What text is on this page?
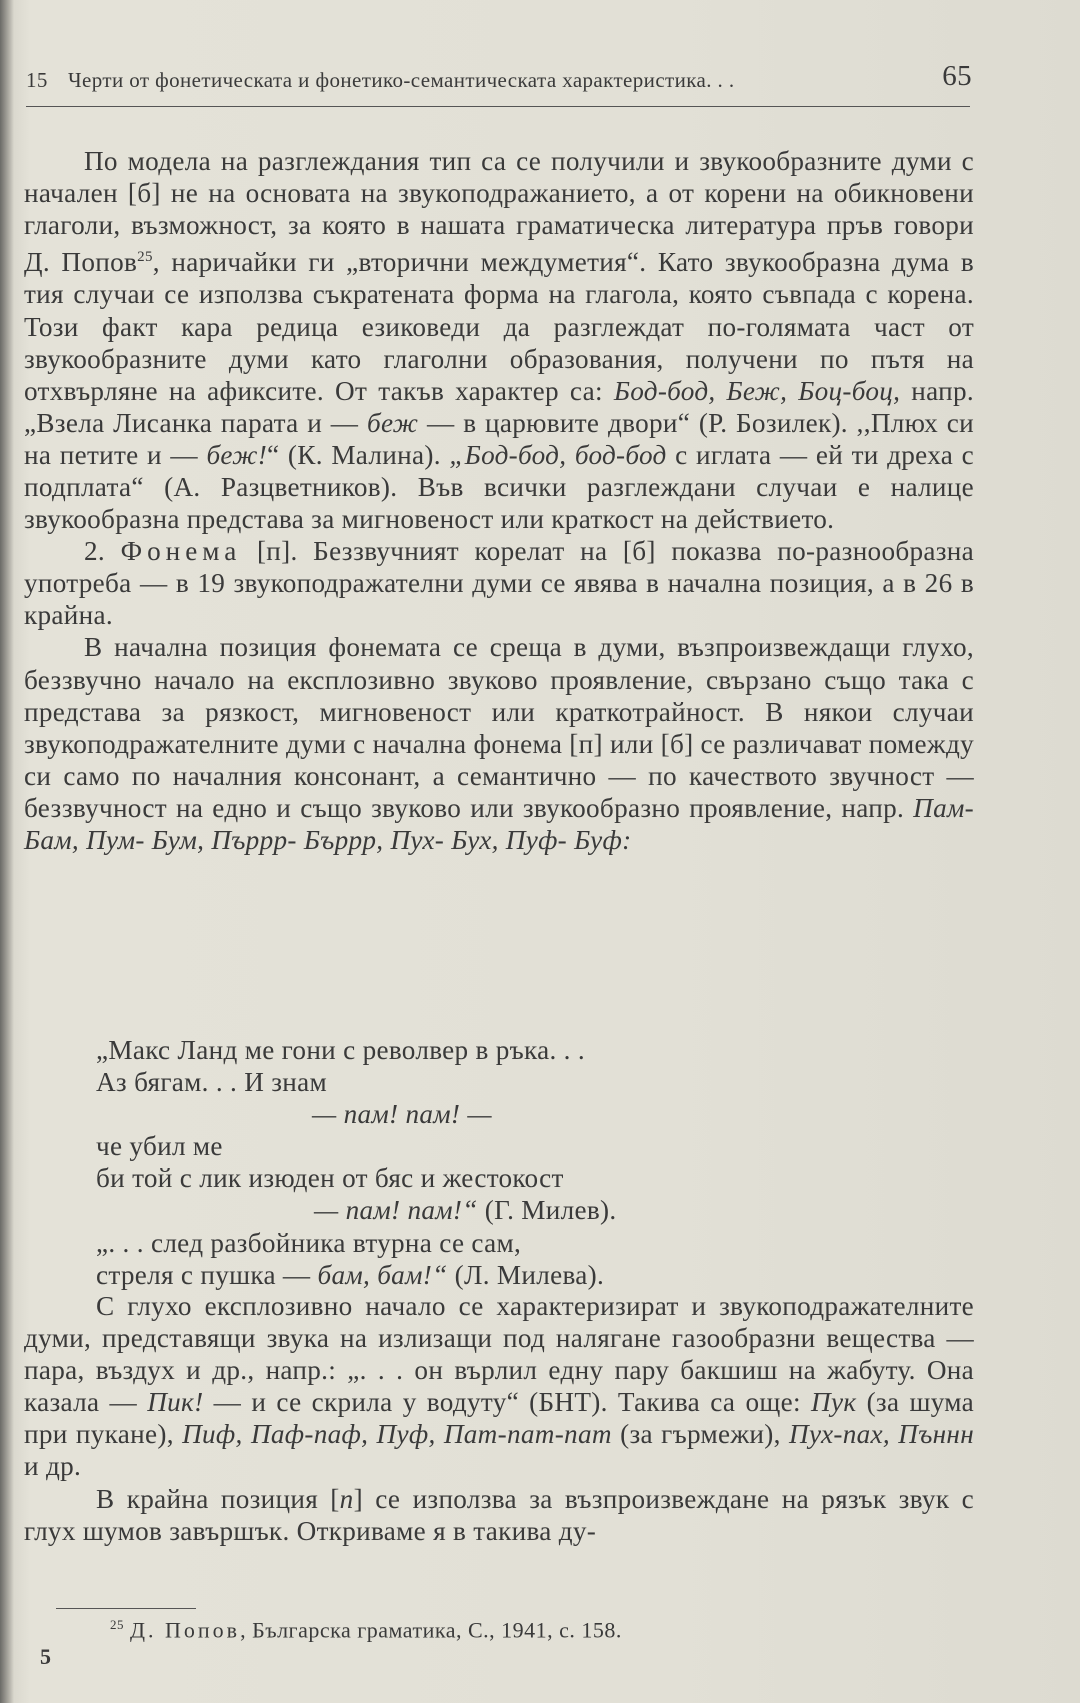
15 Черти от фонетическата и фонетико-семантическата характеристика. . .	65

По модела на разглеждания тип са се получили и звукообразните думи с начален [б] не на основата на звукоподражанието, а от корени на обикновени глаголи, възможност, за която в нашата граматическа литература пръв говори Д. Попов$^{25}$, наричайки ги „вторични междуметия“. Като звукообразна дума в тия случаи се използва съкратената форма на глагола, която съвпада с корена. Този факт кара редица езиковеди да разглеждат по-голямата част от звукообразните думи като глаголни образования, получени по пътя на отхвърляне на афиксите. От такъв характер са: Бод-бод, Беж, Боц-боц, напр. „Взела Лисанка парата и — беж — в царювите двори“ (Р. Бозилек). ,,Плюх си на петите и — беж!“ (К. Малина). „Бод-бод, бод-бод с иглата — ей ти дреха с подплата“ (А. Разцветников). Във всички разглеждани случаи е налице звукообразна представа за мигновеност или краткост на действието.

2. Фонема [п]. Беззвучният корелат на [б] показва по-разнообразна употреба — в 19 звукоподражателни думи се явява в начална позиция, а в 26 в крайна.

В начална позиция фонемата се среща в думи, възпроизвеждащи глухо, беззвучно начало на експлозивно звуково проявление, свързано също така с представа за рязкост, мигновеност или краткотрайност. В някои случаи звукоподражателните думи с начална фонема [п] или [б] се различават помежду си само по началния консонант, а семантично — по качеството звучност — беззвучност на едно и също звуково или звукообразно проявление, напр. Пам- Бам, Пум- Бум, Пъррр- Бъррр, Пух- Бух, Пуф- Буф:

„Макс Ланд ме гони с револвер в ръка. . .
Аз бягам. . . И знам
— пам! пам! —
че убил ме
би той с лик изюден от бяс и жестокост
— пам! пам!“ (Г. Милев).
„. . . след разбойника втурна се сам,
стреля с пушка — бам, бам!“ (Л. Милева).

С глухо експлозивно начало се характеризират и звукоподражателните думи, представящи звука на излизащи под налягане газообразни вещества — пара, въздух и др., напр.: „. . . он върлил едну пару бакшиш на жабуту. Она казала — Пик! — и се скрила у водуту“ (БНТ). Такива са още: Пук (за шума при пукане), Пиф, Паф-паф, Пуф, Пат-пат-пат (за гърмежи), Пух-пах, Пъннн и др.

В крайна позиция [п] се използва за възпроизвеждане на рязък звук с глух шумов завършък. Откриваме я в такива ду-

$^{25}$ Д. Попов, Българска граматика, С., 1941, с. 158.
5
